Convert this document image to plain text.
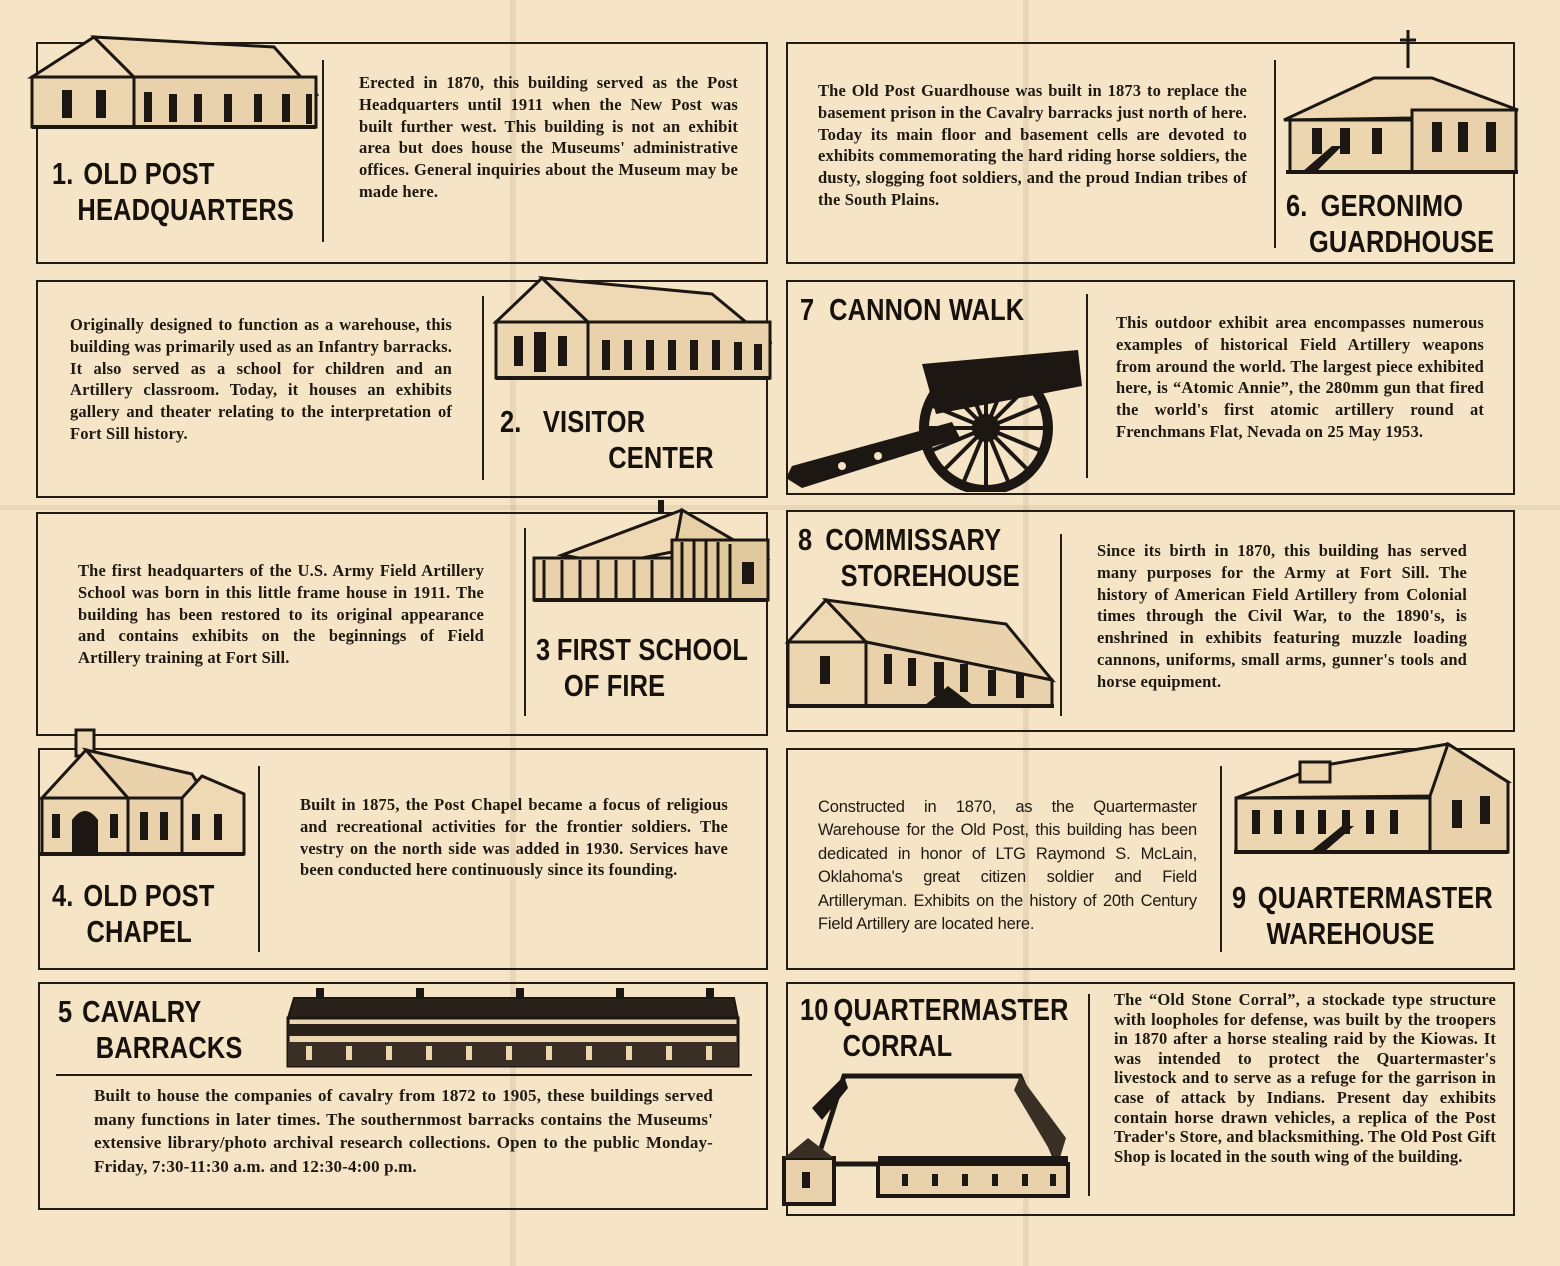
1. OLD POST
HEADQUARTERS

Erected in 1870, this building served as the Post Headquarters until 1911 when the New Post was built further west. This building is not an exhibit area but does house the Museums' administrative offices. General inquiries about the Museum may be made here.

Originally designed to function as a warehouse, this building was primarily used as an Infantry barracks. It also served as a school for children and an Artillery classroom. Today, it houses an exhibits gallery and theater relating to the interpretation of Fort Sill history.	2. VISITOR
CENTER

The first headquarters of the U.S. Army Field Artillery School was born in this little frame house in 1911. The building has been restored to its original appearance and contains exhibits on the beginnings of Field Artillery training at Fort Sill.	3 FIRST SCHOOL
OF FIRE
4. OLD POST
CHAPEL

Built in 1875, the Post Chapel became a focus of religious and recreational activities for the frontier soldiers. The vestry on the north side was added in 1930. Services have been conducted here continuously since its founding.

5 CAVALRY
BARRACKS

Built to house the companies of cavalry from 1872 to 1905, these buildings served many functions in later times. The southernmost barracks contains the Museums' extensive library/photo archival research collections. Open to the public Monday-Friday, 7:30-11:30 a.m. and 12:30-4:00 p.m.

The Old Post Guardhouse was built in 1873 to replace the basement prison in the Cavalry barracks just north of here. Today its main floor and basement cells are devoted to exhibits commemorating the hard riding horse soldiers, the dusty, slogging foot soldiers, and the proud Indian tribes of the South Plains.	6. GERONIMO
GUARDHOUSE
7 CANNON WALK	This outdoor exhibit area encompasses numerous examples of historical Field Artillery weapons from around the world. The largest piece exhibited here, is “Atomic Annie”, the 280mm gun that fired the world's first atomic artillery round at Frenchmans Flat, Nevada on 25 May 1953.

8 COMMISSARY
STOREHOUSE

Since its birth in 1870, this building has served many purposes for the Army at Fort Sill. The history of American Field Artillery from Colonial times through the Civil War, to the 1890's, is enshrined in exhibits featuring muzzle loading cannons, uniforms, small arms, gunner's tools and horse equipment.

Constructed in 1870, as the Quartermaster Warehouse for the Old Post, this building has been dedicated in honor of LTG Raymond S. McLain, Oklahoma's great citizen soldier and Field Artilleryman. Exhibits on the history of 20th Century Field Artillery are located here.

9 QUARTERMASTER
WAREHOUSE
10 QUARTERMASTER
CORRAL

The “Old Stone Corral”, a stockade type structure with loopholes for defense, was built by the troopers in 1870 after a horse stealing raid by the Kiowas. It was intended to protect the Quartermaster's livestock and to serve as a refuge for the garrison in case of attack by Indians. Present day exhibits contain horse drawn vehicles, a replica of the Post Trader's Store, and blacksmithing. The Old Post Gift Shop is located in the south wing of the building.
